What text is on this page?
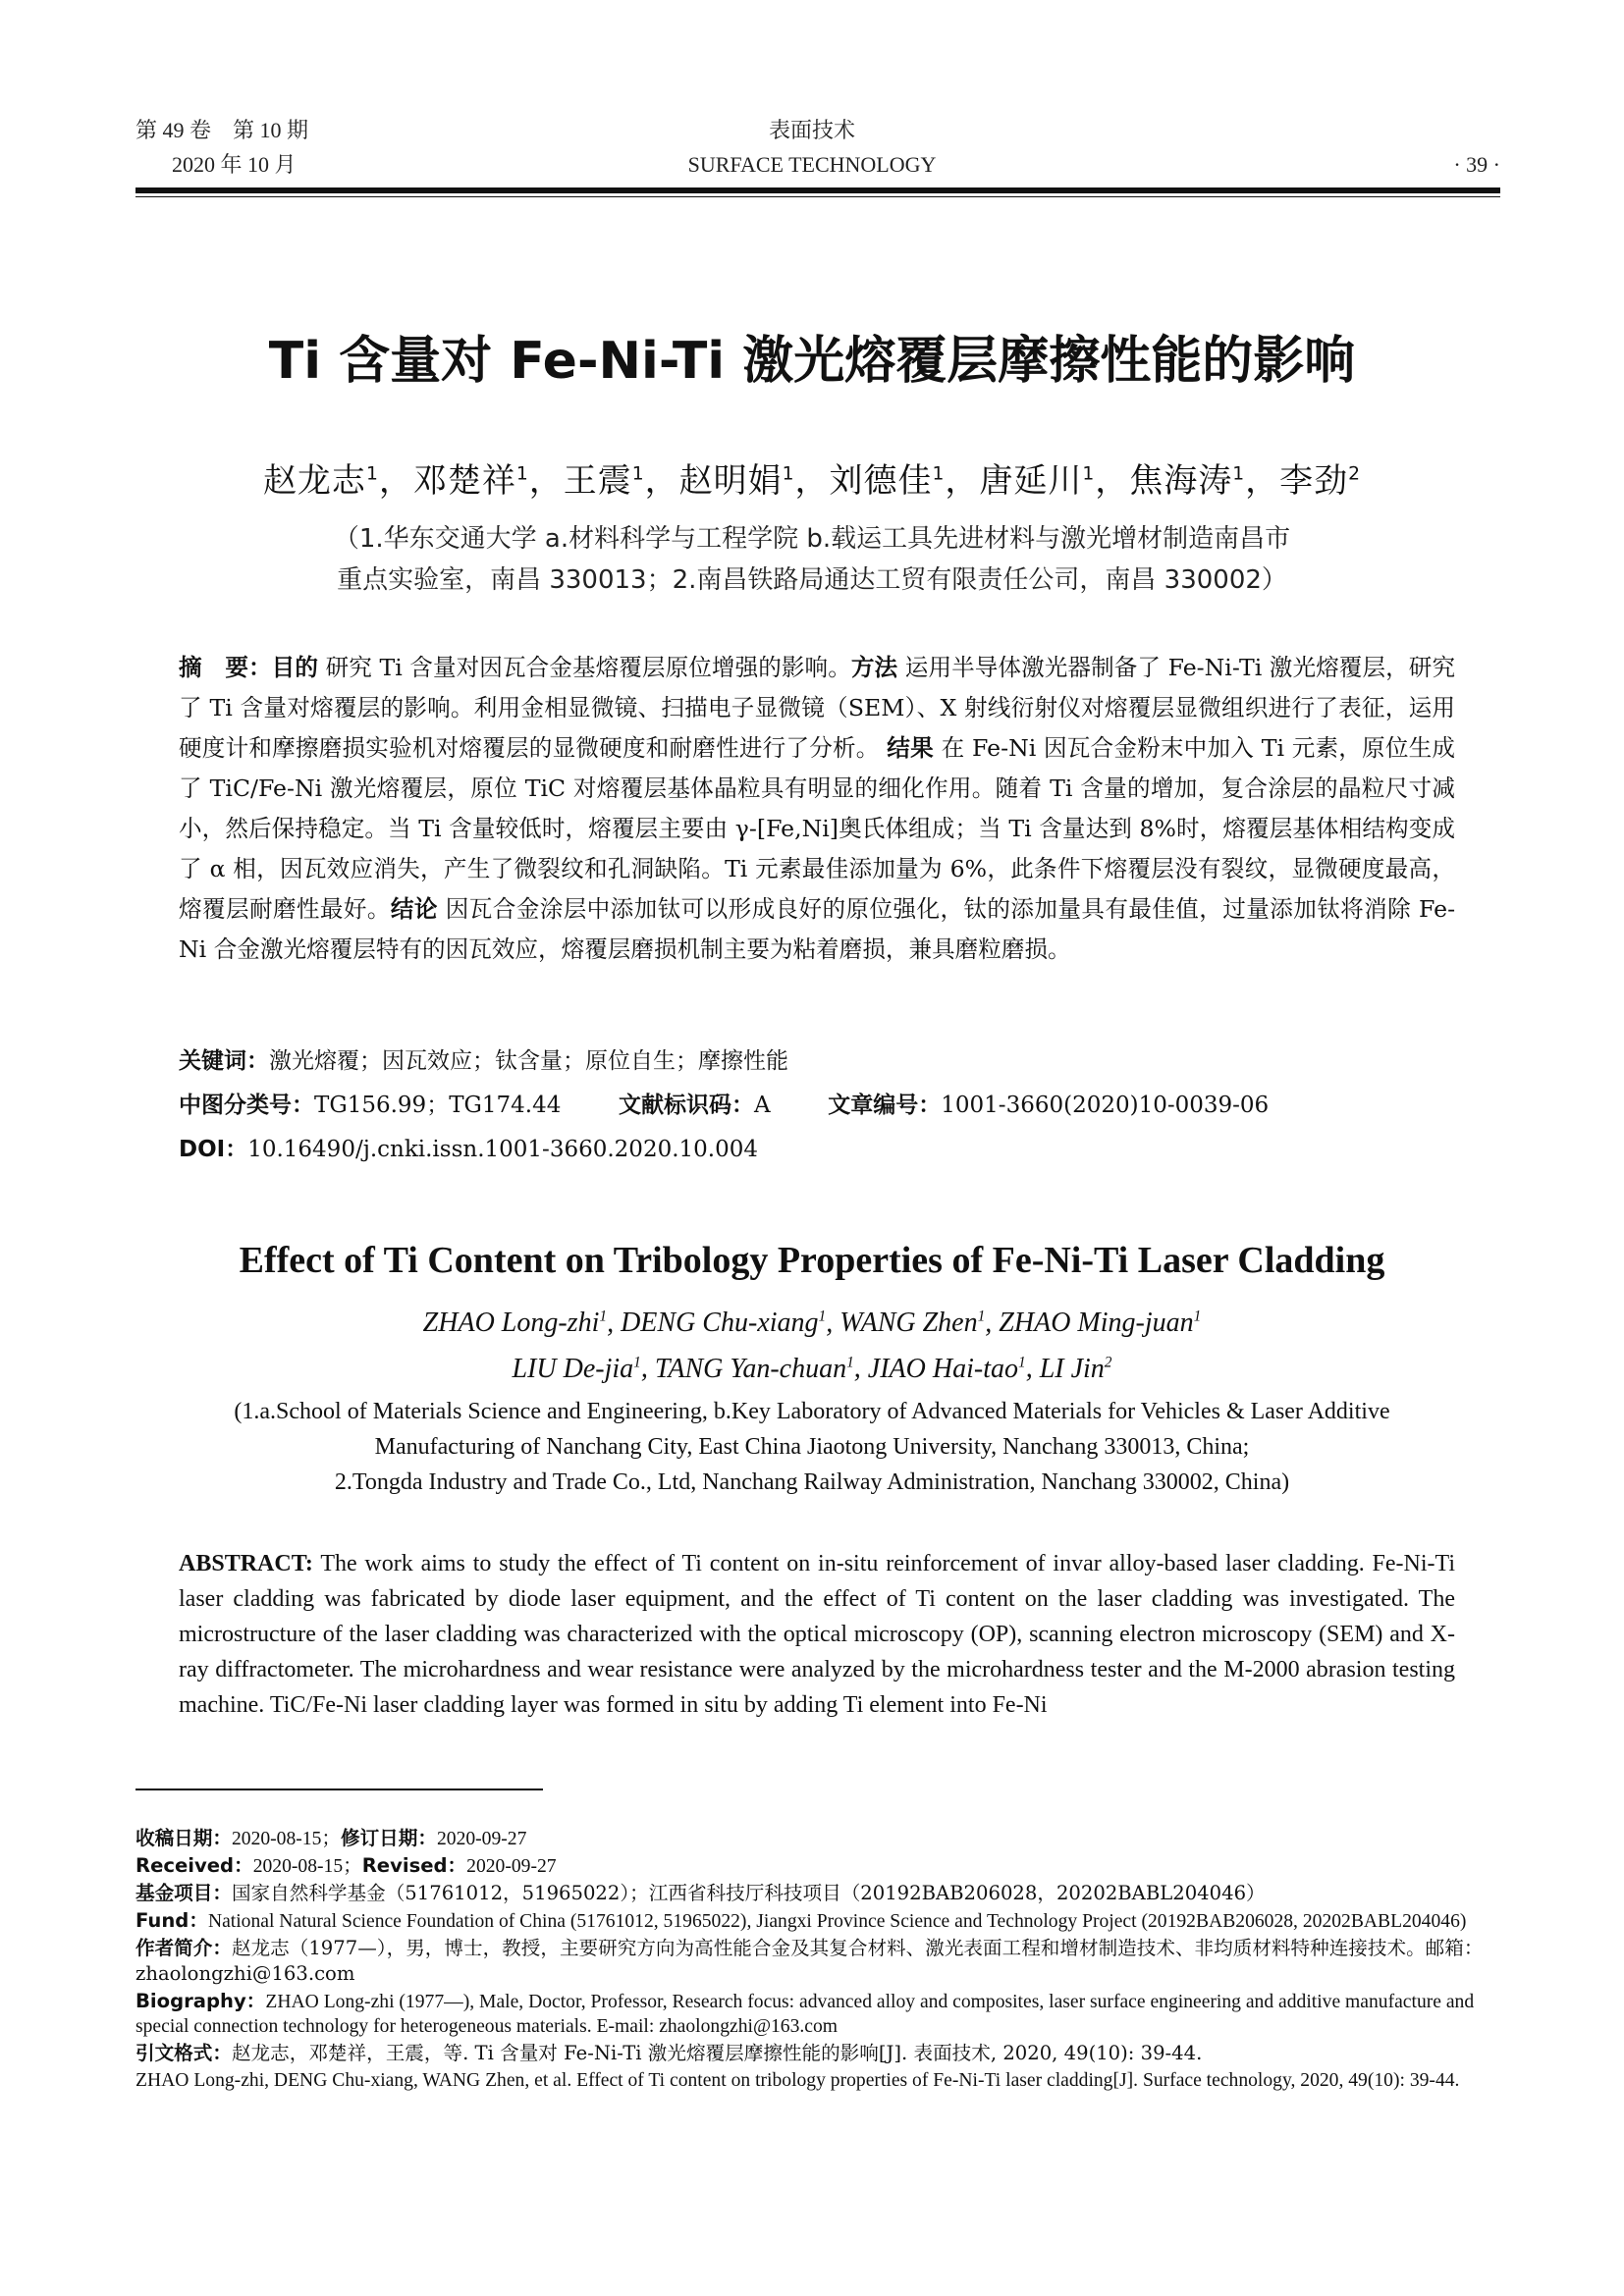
第 49 卷　第 10 期
2020 年 10 月
表面技术
SURFACE TECHNOLOGY	· 39 ·
Ti 含量对 Fe-Ni-Ti 激光熔覆层摩擦性能的影响
赵龙志$^1$，邓楚祥$^1$，王震$^1$，赵明娟$^1$，刘德佳$^1$，唐延川$^1$，焦海涛$^1$，李劲$^2$
（1.华东交通大学 a.材料科学与工程学院 b.载运工具先进材料与激光增材制造南昌市
重点实验室，南昌 330013；2.南昌铁路局通达工贸有限责任公司，南昌 330002）
摘　要：目的 研究 Ti 含量对因瓦合金基熔覆层原位增强的影响。方法 运用半导体激光器制备了 Fe-Ni-Ti 激光熔覆层，研究了 Ti 含量对熔覆层的影响。利用金相显微镜、扫描电子显微镜（SEM）、X 射线衍射仪对熔覆层显微组织进行了表征，运用硬度计和摩擦磨损实验机对熔覆层的显微硬度和耐磨性进行了分析。 结果 在 Fe-Ni 因瓦合金粉末中加入 Ti 元素，原位生成了 TiC/Fe-Ni 激光熔覆层，原位 TiC 对熔覆层基体晶粒具有明显的细化作用。随着 Ti 含量的增加，复合涂层的晶粒尺寸减小，然后保持稳定。当 Ti 含量较低时，熔覆层主要由 γ-[Fe,Ni]奥氏体组成；当 Ti 含量达到 8%时，熔覆层基体相结构变成了 α 相，因瓦效应消失，产生了微裂纹和孔洞缺陷。Ti 元素最佳添加量为 6%，此条件下熔覆层没有裂纹，显微硬度最高，熔覆层耐磨性最好。结论 因瓦合金涂层中添加钛可以形成良好的原位强化，钛的添加量具有最佳值，过量添加钛将消除 Fe-Ni 合金激光熔覆层特有的因瓦效应，熔覆层磨损机制主要为粘着磨损，兼具磨粒磨损。
关键词：激光熔覆；因瓦效应；钛含量；原位自生；摩擦性能
中图分类号：TG156.99；TG174.44	文献标识码：A	文章编号：1001-3660(2020)10-0039-06
DOI：10.16490/j.cnki.issn.1001-3660.2020.10.004
Effect of Ti Content on Tribology Properties of Fe-Ni-Ti Laser Cladding
ZHAO Long-zhi$^1$, DENG Chu-xiang$^1$, WANG Zhen$^1$, ZHAO Ming-juan$^1$
LIU De-jia$^1$, TANG Yan-chuan$^1$, JIAO Hai-tao$^1$, LI Jin$^2$
(1.a.School of Materials Science and Engineering, b.Key Laboratory of Advanced Materials for Vehicles & Laser Additive
Manufacturing of Nanchang City, East China Jiaotong University, Nanchang 330013, China;
2.Tongda Industry and Trade Co., Ltd, Nanchang Railway Administration, Nanchang 330002, China)
ABSTRACT: The work aims to study the effect of Ti content on in-situ reinforcement of invar alloy-based laser cladding. Fe-Ni-Ti laser cladding was fabricated by diode laser equipment, and the effect of Ti content on the laser cladding was investigated. The microstructure of the laser cladding was characterized with the optical microscopy (OP), scanning electron microscopy (SEM) and X-ray diffractometer. The microhardness and wear resistance were analyzed by the microhardness tester and the M-2000 abrasion testing machine. TiC/Fe-Ni laser cladding layer was formed in situ by adding Ti element into Fe-Ni

收稿日期：2020-08-15；修订日期：2020-09-27

Received：2020-08-15；Revised：2020-09-27

基金项目：国家自然科学基金（51761012，51965022）；江西省科技厅科技项目（20192BAB206028，20202BABL204046）

Fund：National Natural Science Foundation of China (51761012, 51965022), Jiangxi Province Science and Technology Project (20192BAB206028, 20202BABL204046)

作者简介：赵龙志（1977—），男，博士，教授，主要研究方向为高性能合金及其复合材料、激光表面工程和增材制造技术、非均质材料特种连接技术。邮箱：zhaolongzhi@163.com

Biography：ZHAO Long-zhi (1977—), Male, Doctor, Professor, Research focus: advanced alloy and composites, laser surface engineering and additive manufacture and special connection technology for heterogeneous materials. E-mail: zhaolongzhi@163.com

引文格式：赵龙志，邓楚祥，王震，等. Ti 含量对 Fe-Ni-Ti 激光熔覆层摩擦性能的影响[J]. 表面技术, 2020, 49(10): 39-44.

ZHAO Long-zhi, DENG Chu-xiang, WANG Zhen, et al. Effect of Ti content on tribology properties of Fe-Ni-Ti laser cladding[J]. Surface technology, 2020, 49(10): 39-44.
